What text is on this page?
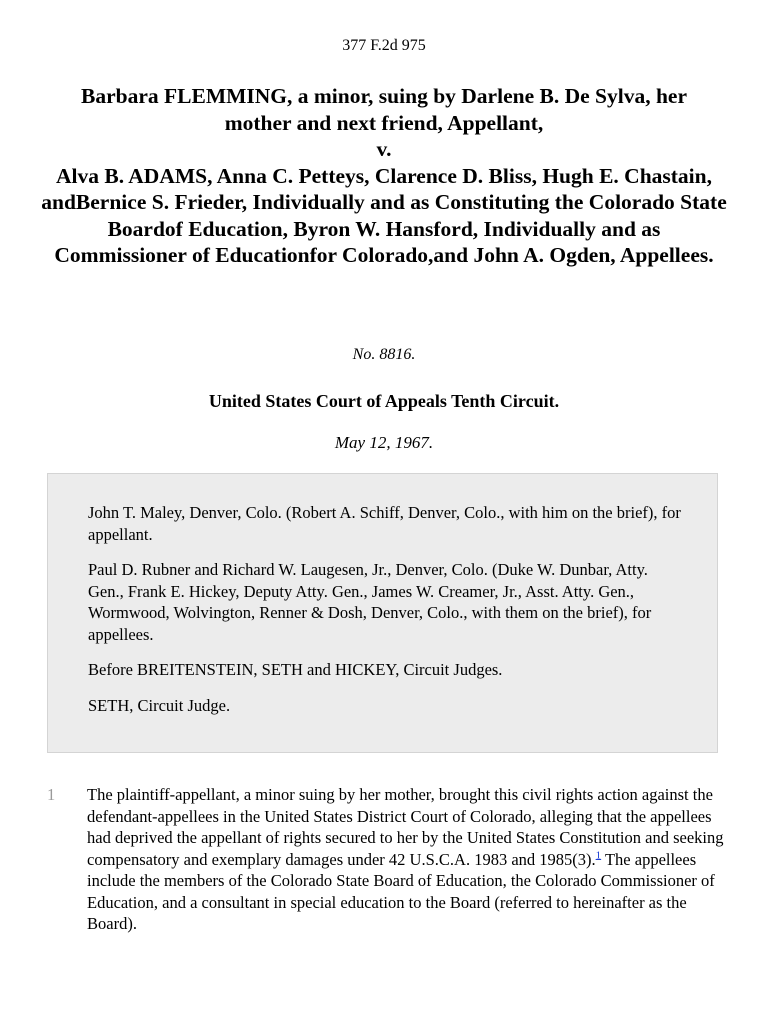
377 F.2d 975
Barbara FLEMMING, a minor, suing by Darlene B. De Sylva, her
mother and next friend, Appellant,
v.
Alva B. ADAMS, Anna C. Petteys, Clarence D. Bliss, Hugh E. Chastain, andBernice S. Frieder, Individually and as Constituting the Colorado State Boardof Education, Byron W. Hansford, Individually and as Commissioner of Educationfor Colorado,and John A. Ogden, Appellees.
No. 8816.
United States Court of Appeals Tenth Circuit.
May 12, 1967.

John T. Maley, Denver, Colo. (Robert A. Schiff, Denver, Colo., with him on the brief), for appellant.

Paul D. Rubner and Richard W. Laugesen, Jr., Denver, Colo. (Duke W. Dunbar, Atty. Gen., Frank E. Hickey, Deputy Atty. Gen., James W. Creamer, Jr., Asst. Atty. Gen., Wormwood, Wolvington, Renner & Dosh, Denver, Colo., with them on the brief), for appellees.

Before BREITENSTEIN, SETH and HICKEY, Circuit Judges.

SETH, Circuit Judge.

1	The plaintiff-appellant, a minor suing by her mother, brought this civil rights action against the defendant-appellees in the United States District Court of Colorado, alleging that the appellees had deprived the appellant of rights secured to her by the United States Constitution and seeking compensatory and exemplary damages under 42 U.S.C.A. 1983 and 1985(3).$^1$ The appellees include the members of the Colorado State Board of Education, the Colorado Commissioner of Education, and a consultant in special education to the Board (referred to hereinafter as the Board).
